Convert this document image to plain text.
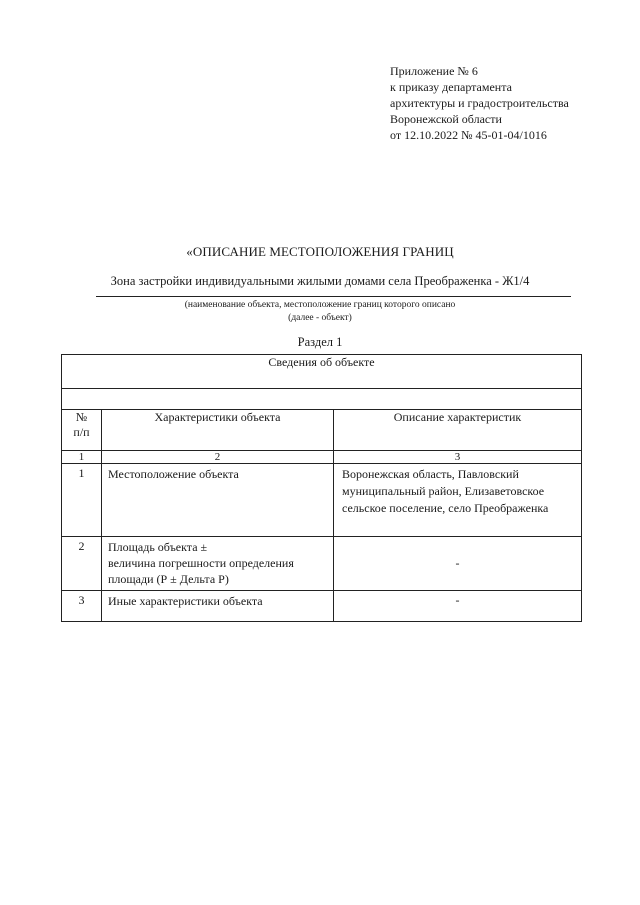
Приложение № 6
к приказу департамента
архитектуры и градостроительства
Воронежской области
от 12.10.2022 № 45-01-04/1016
«ОПИСАНИЕ МЕСТОПОЛОЖЕНИЯ ГРАНИЦ
Зона застройки индивидуальными жилыми домами села Преображенка - Ж1/4
(наименование объекта, местоположение границ которого описано
(далее - объект)
Раздел 1
Сведения об объекте		

№
п/п	Характеристики объекта	Описание характеристик
1	2	3
1	Местоположение объекта	Воронежская область, Павловский
муниципальный район, Елизаветовское
сельское поселение, село Преображенка

2	Площадь объекта ±
величина погрешности определения
площади (Р ± Дельта Р)	-
3	Иные характеристики объекта	-
